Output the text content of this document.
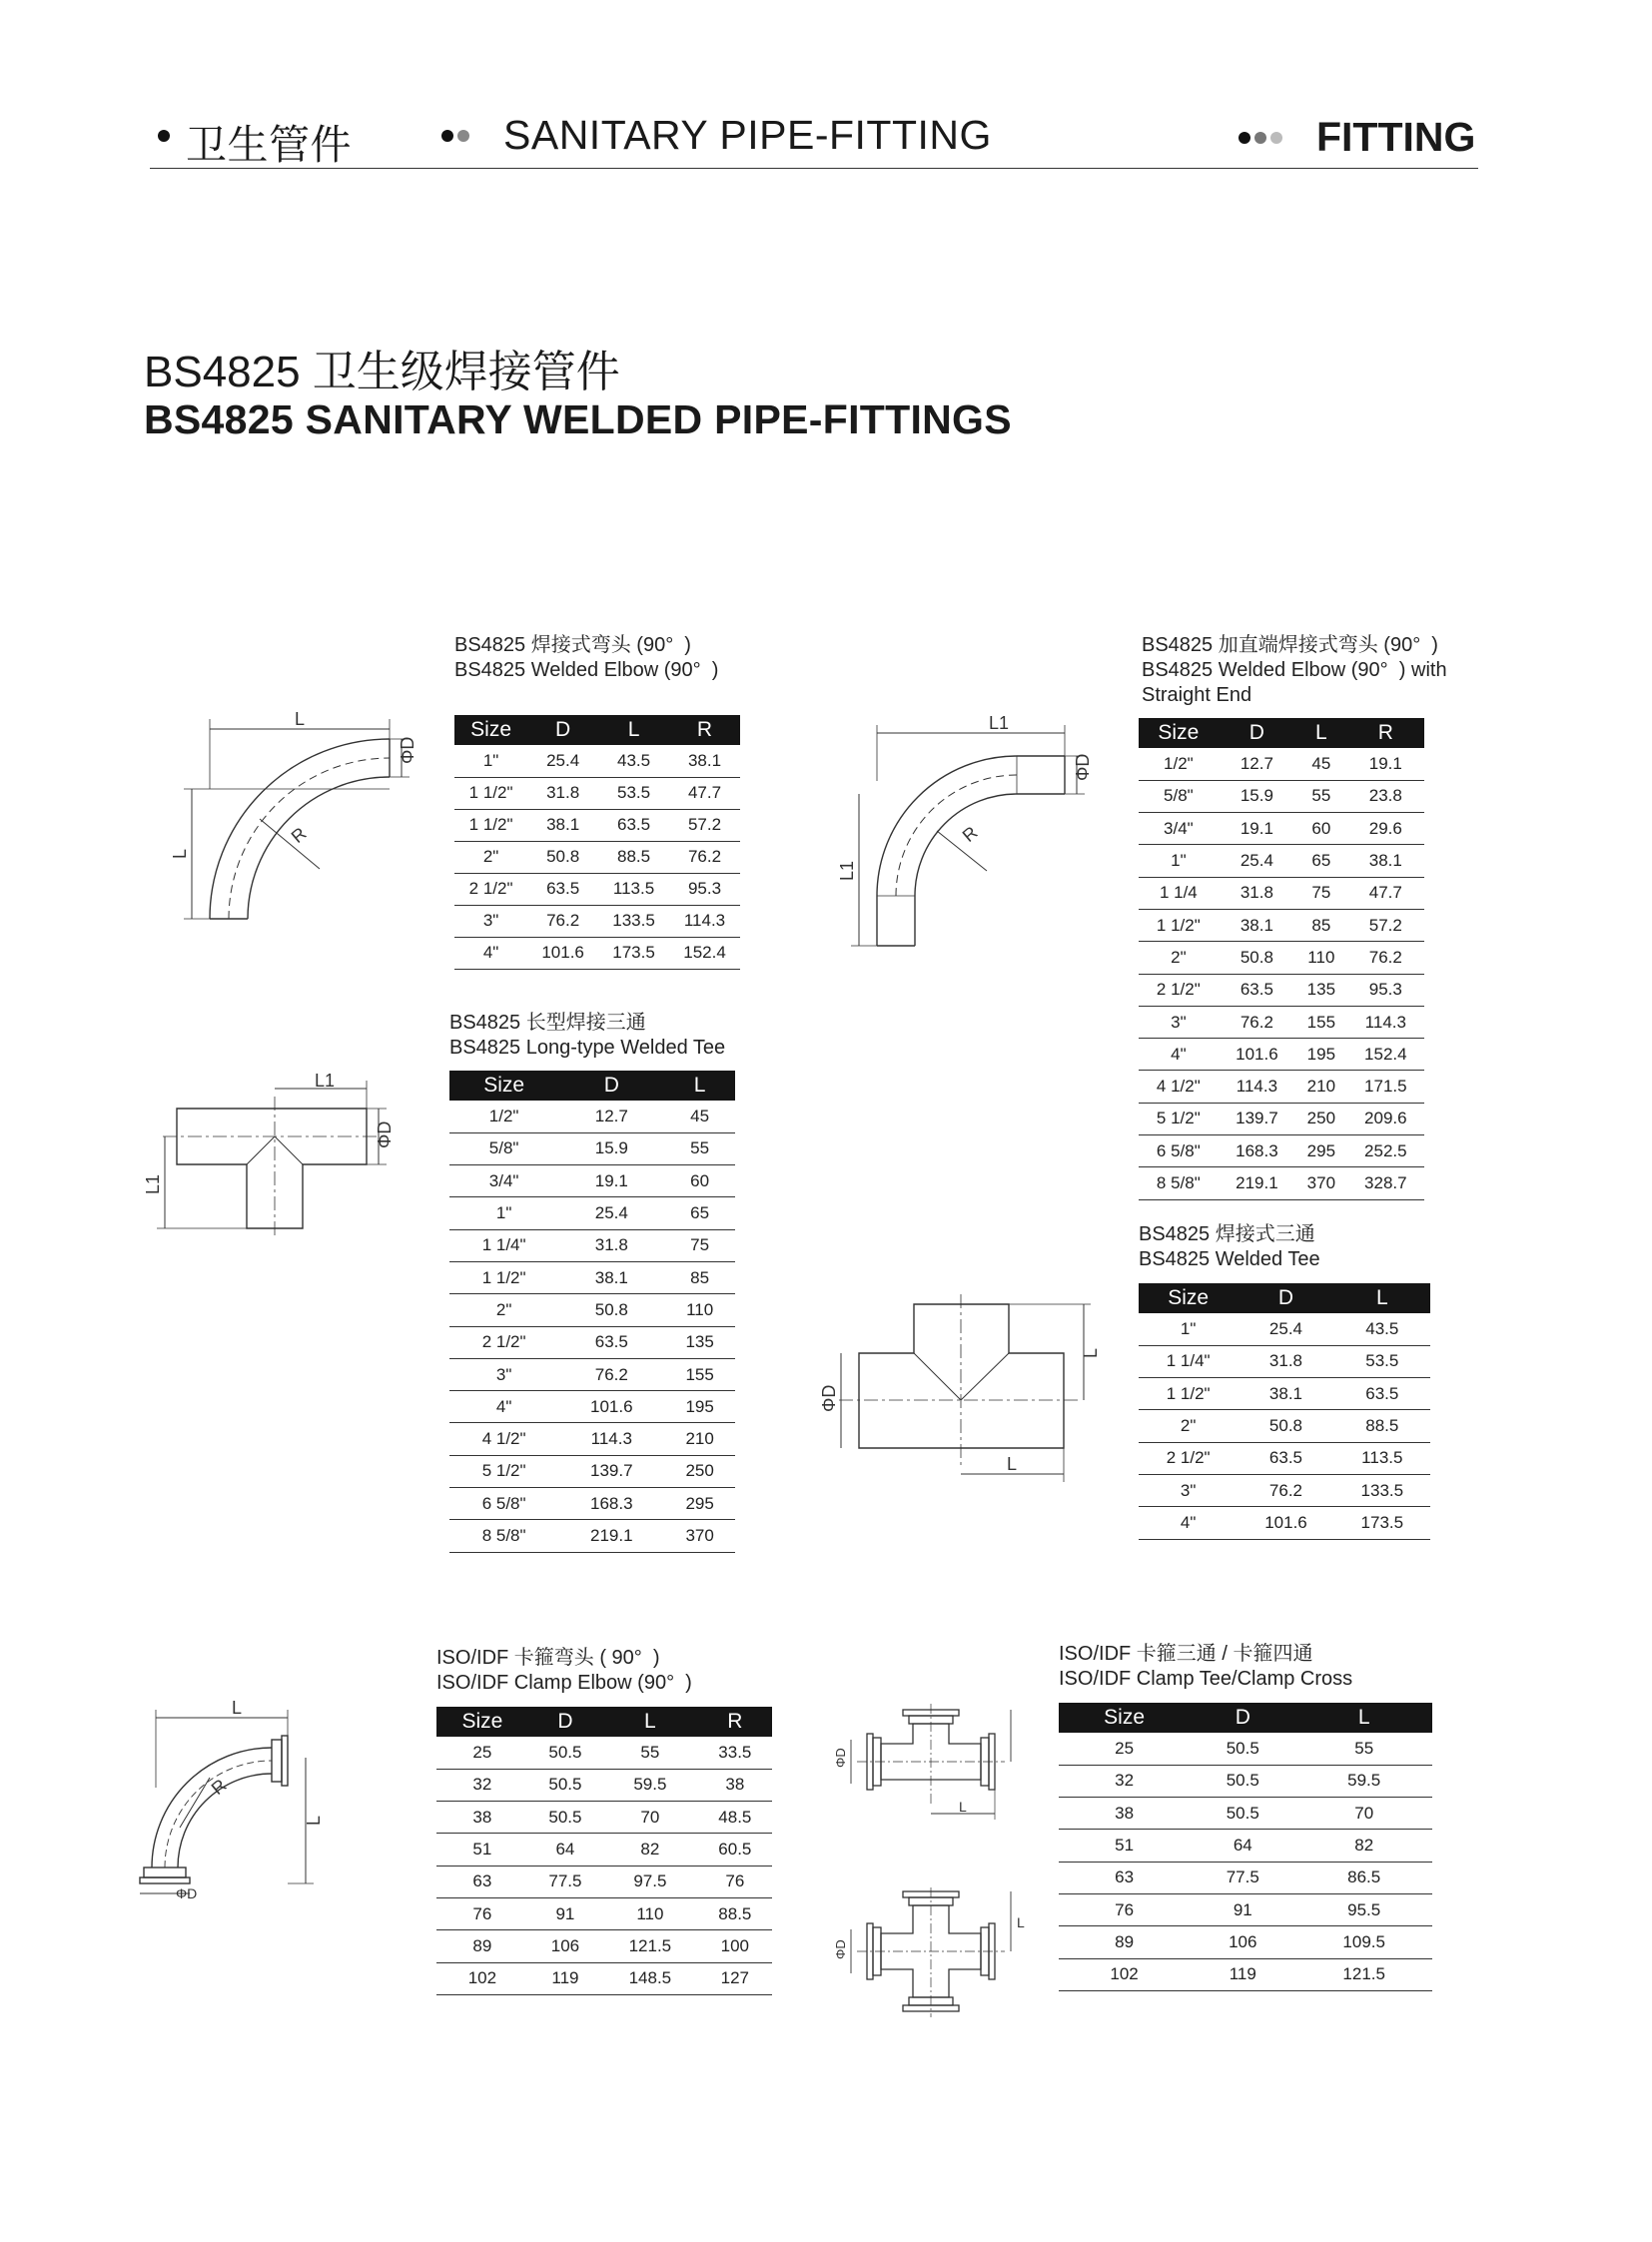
卫生管件	SANITARY PIPE-FITTING	FITTING
BS4825 卫生级焊接管件
BS4825 SANITARY WELDED PIPE-FITTINGS
BS4825 焊接式弯头 (90°  )
BS4825 Welded Elbow (90°  )
L
ΦD
L
R
Size	D	L	R
1"	25.4	43.5	38.1
1 1/2"	31.8	53.5	47.7
1 1/2"	38.1	63.5	57.2
2"	50.8	88.5	76.2
2 1/2"	63.5	113.5	95.3
3"	76.2	133.5	114.3
4"	101.6	173.5	152.4
BS4825 加直端焊接式弯头 (90°  )
BS4825 Welded Elbow (90°  ) with
Straight End
L1
ΦD
L1
R
Size	D	L	R
1/2"	12.7	45	19.1
5/8"	15.9	55	23.8
3/4"	19.1	60	29.6
1"	25.4	65	38.1
1 1/4	31.8	75	47.7
1 1/2"	38.1	85	57.2
2"	50.8	110	76.2
2 1/2"	63.5	135	95.3
3"	76.2	155	114.3
4"	101.6	195	152.4
4 1/2"	114.3	210	171.5
5 1/2"	139.7	250	209.6
6 5/8"	168.3	295	252.5
8 5/8"	219.1	370	328.7
BS4825 长型焊接三通
BS4825 Long-type Welded Tee
L1
ΦD
L1
Size	D	L
1/2"	12.7	45
5/8"	15.9	55
3/4"	19.1	60
1"	25.4	65
1 1/4"	31.8	75
1 1/2"	38.1	85
2"	50.8	110
2 1/2"	63.5	135
3"	76.2	155
4"	101.6	195
4 1/2"	114.3	210
5 1/2"	139.7	250
6 5/8"	168.3	295
8 5/8"	219.1	370
BS4825 焊接式三通
BS4825 Welded Tee
L
ΦD
L
Size	D	L
1"	25.4	43.5
1 1/4"	31.8	53.5
1 1/2"	38.1	63.5
2"	50.8	88.5
2 1/2"	63.5	113.5
3"	76.2	133.5
4"	101.6	173.5
ISO/IDF 卡箍弯头 ( 90°  )
ISO/IDF Clamp Elbow (90°  )
L
L
R
ΦD
Size	D	L	R
25	50.5	55	33.5
32	50.5	59.5	38
38	50.5	70	48.5
51	64	82	60.5
63	77.5	97.5	76
76	91	110	88.5
89	106	121.5	100
102	119	148.5	127
ISO/IDF 卡箍三通 / 卡箍四通
ISO/IDF Clamp Tee/Clamp Cross
ΦD
L
ΦD
L
Size	D	L
25	50.5	55
32	50.5	59.5
38	50.5	70
51	64	82
63	77.5	86.5
76	91	95.5
89	106	109.5
102	119	121.5
